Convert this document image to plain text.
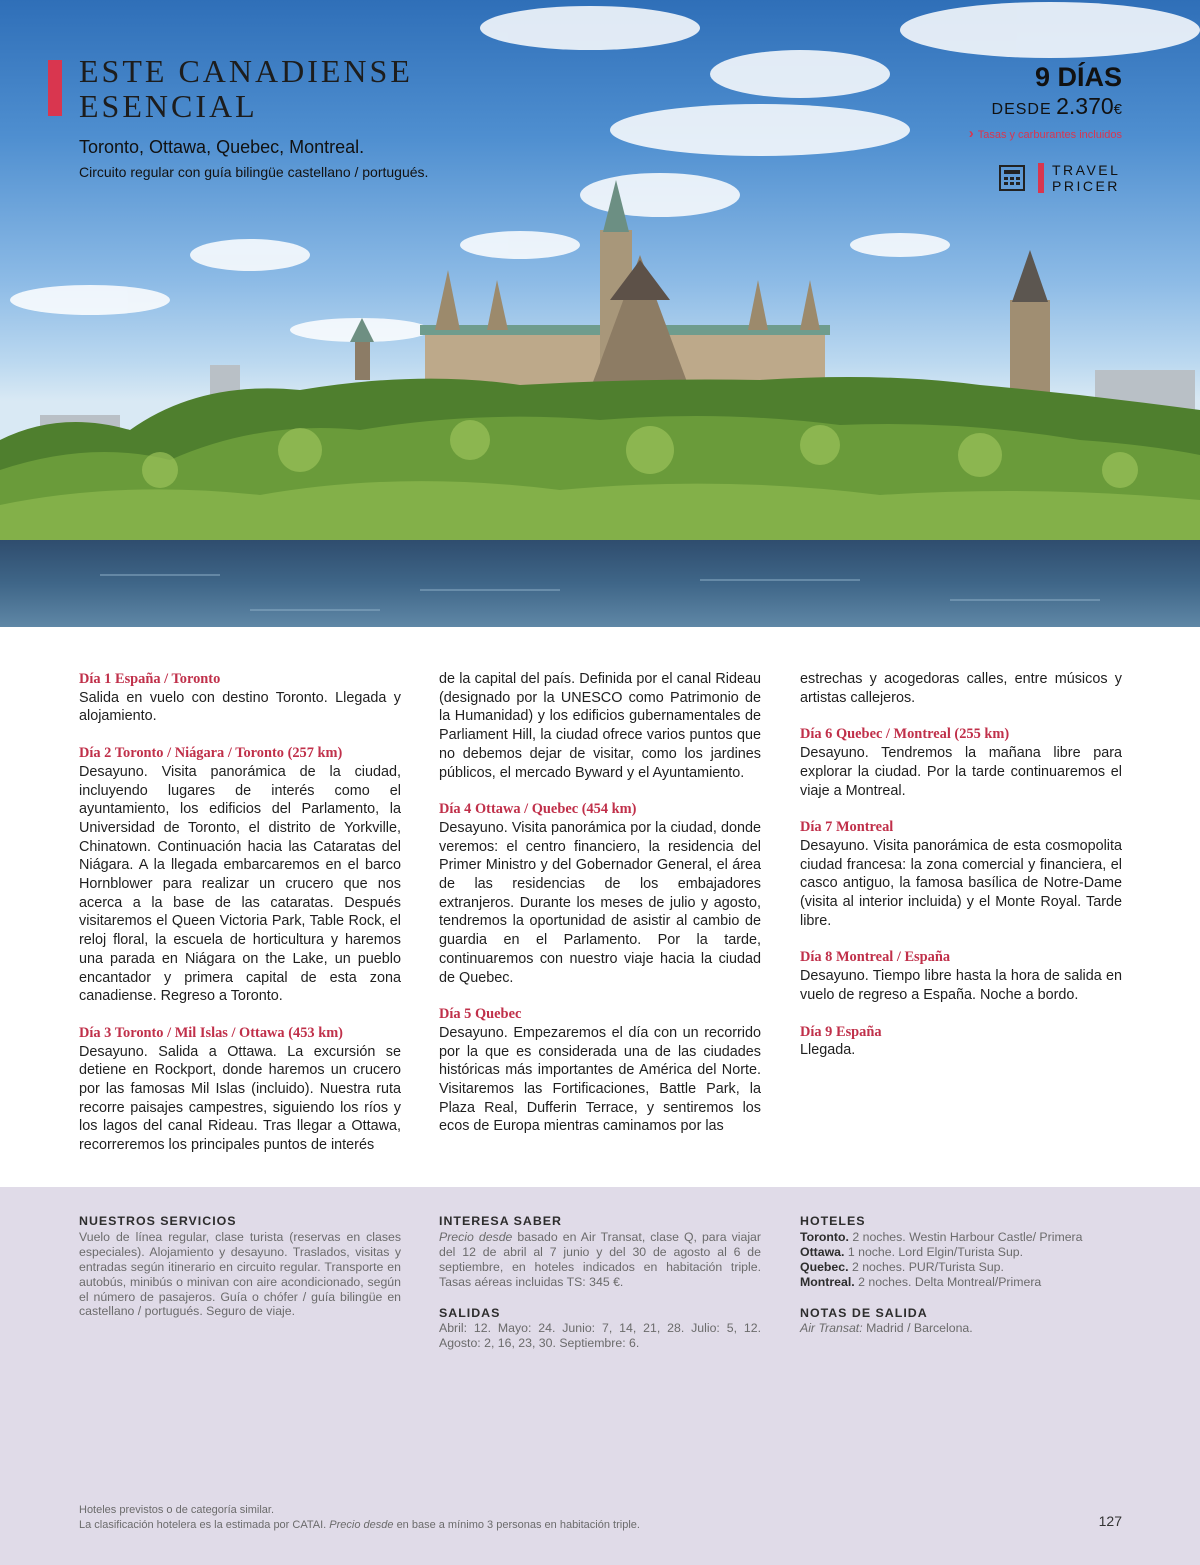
ESTE CANADIENSE
ESENCIAL
Toronto, Ottawa, Quebec, Montreal.
Circuito regular con guía bilingüe castellano / portugués.
9 DÍAS
DESDE 2.370€
› Tasas y carburantes incluidos
TRAVEL
PRICER
Día 1 España / Toronto

Salida en vuelo con destino Toronto. Llegada y alojamiento.

Día 2 Toronto / Niágara / Toronto (257 km)

Desayuno. Visita panorámica de la ciudad, incluyendo lugares de interés como el ayuntamiento, los edificios del Parlamento, la Universidad de Toronto, el distrito de Yorkville, Chinatown. Continuación hacia las Cataratas del Niágara. A la llegada embarcaremos en el barco Hornblower para realizar un crucero que nos acerca a la base de las cataratas. Después visitaremos el Queen Victoria Park, Table Rock, el reloj floral, la escuela de horticultura y haremos una parada en Niágara on the Lake, un pueblo encantador y primera capital de esta zona canadiense. Regreso a Toronto.

Día 3 Toronto / Mil Islas / Ottawa (453 km)

Desayuno. Salida a Ottawa. La excursión se detiene en Rockport, donde haremos un crucero por las famosas Mil Islas (incluido). Nuestra ruta recorre paisajes campestres, siguiendo los ríos y los lagos del canal Rideau. Tras llegar a Ottawa, recorreremos los principales puntos de interés

de la capital del país. Definida por el canal Rideau (designado por la UNESCO como Patrimonio de la Humanidad) y los edificios gubernamentales de Parliament Hill, la ciudad ofrece varios puntos que no debemos dejar de visitar, como los jardines públicos, el mercado Byward y el Ayuntamiento.

Día 4 Ottawa / Quebec (454 km)

Desayuno. Visita panorámica por la ciudad, donde veremos: el centro financiero, la residencia del Primer Ministro y del Gobernador General, el área de las residencias de los embajadores extranjeros. Durante los meses de julio y agosto, tendremos la oportunidad de asistir al cambio de guardia en el Parlamento. Por la tarde, continuaremos con nuestro viaje hacia la ciudad de Quebec.

Día 5 Quebec

Desayuno. Empezaremos el día con un recorrido por la que es considerada una de las ciudades históricas más importantes de América del Norte. Visitaremos las Fortificaciones, Battle Park, la Plaza Real, Dufferin Terrace, y sentiremos los ecos de Europa mientras caminamos por las

estrechas y acogedoras calles, entre músicos y artistas callejeros.

Día 6 Quebec / Montreal (255 km)

Desayuno. Tendremos la mañana libre para explorar la ciudad. Por la tarde continuaremos el viaje a Montreal.

Día 7 Montreal

Desayuno. Visita panorámica de esta cosmopolita ciudad francesa: la zona comercial y financiera, el casco antiguo, la famosa basílica de Notre-Dame (visita al interior incluida) y el Monte Royal. Tarde libre.

Día 8 Montreal / España

Desayuno. Tiempo libre hasta la hora de salida en vuelo de regreso a España. Noche a bordo.

Día 9 España

Llegada.

NUESTROS SERVICIOS

Vuelo de línea regular, clase turista (reservas en clases especiales). Alojamiento y desayuno. Traslados, visitas y entradas según itinerario en circuito regular. Transporte en autobús, minibús o minivan con aire acondicionado, según el número de pasajeros. Guía o chófer / guía bilingüe en castellano / portugués. Seguro de viaje.

INTERESA SABER

Precio desde basado en Air Transat, clase Q, para viajar del 12 de abril al 7 junio y del 30 de agosto al 6 de septiembre, en hoteles indicados en habitación triple. Tasas aéreas incluidas TS: 345 €.

SALIDAS

Abril: 12. Mayo: 24. Junio: 7, 14, 21, 28. Julio: 5, 12. Agosto: 2, 16, 23, 30. Septiembre: 6.

HOTELES
Toronto. 2 noches. Westin Harbour Castle/ Primera
Ottawa. 1 noche. Lord Elgin/Turista Sup.
Quebec. 2 noches. PUR/Turista Sup.
Montreal. 2 noches. Delta Montreal/Primera
NOTAS DE SALIDA

Air Transat: Madrid / Barcelona.

Hoteles previstos o de categoría similar.
La clasificación hotelera es la estimada por CATAI. Precio desde en base a mínimo 3 personas en habitación triple.	127
